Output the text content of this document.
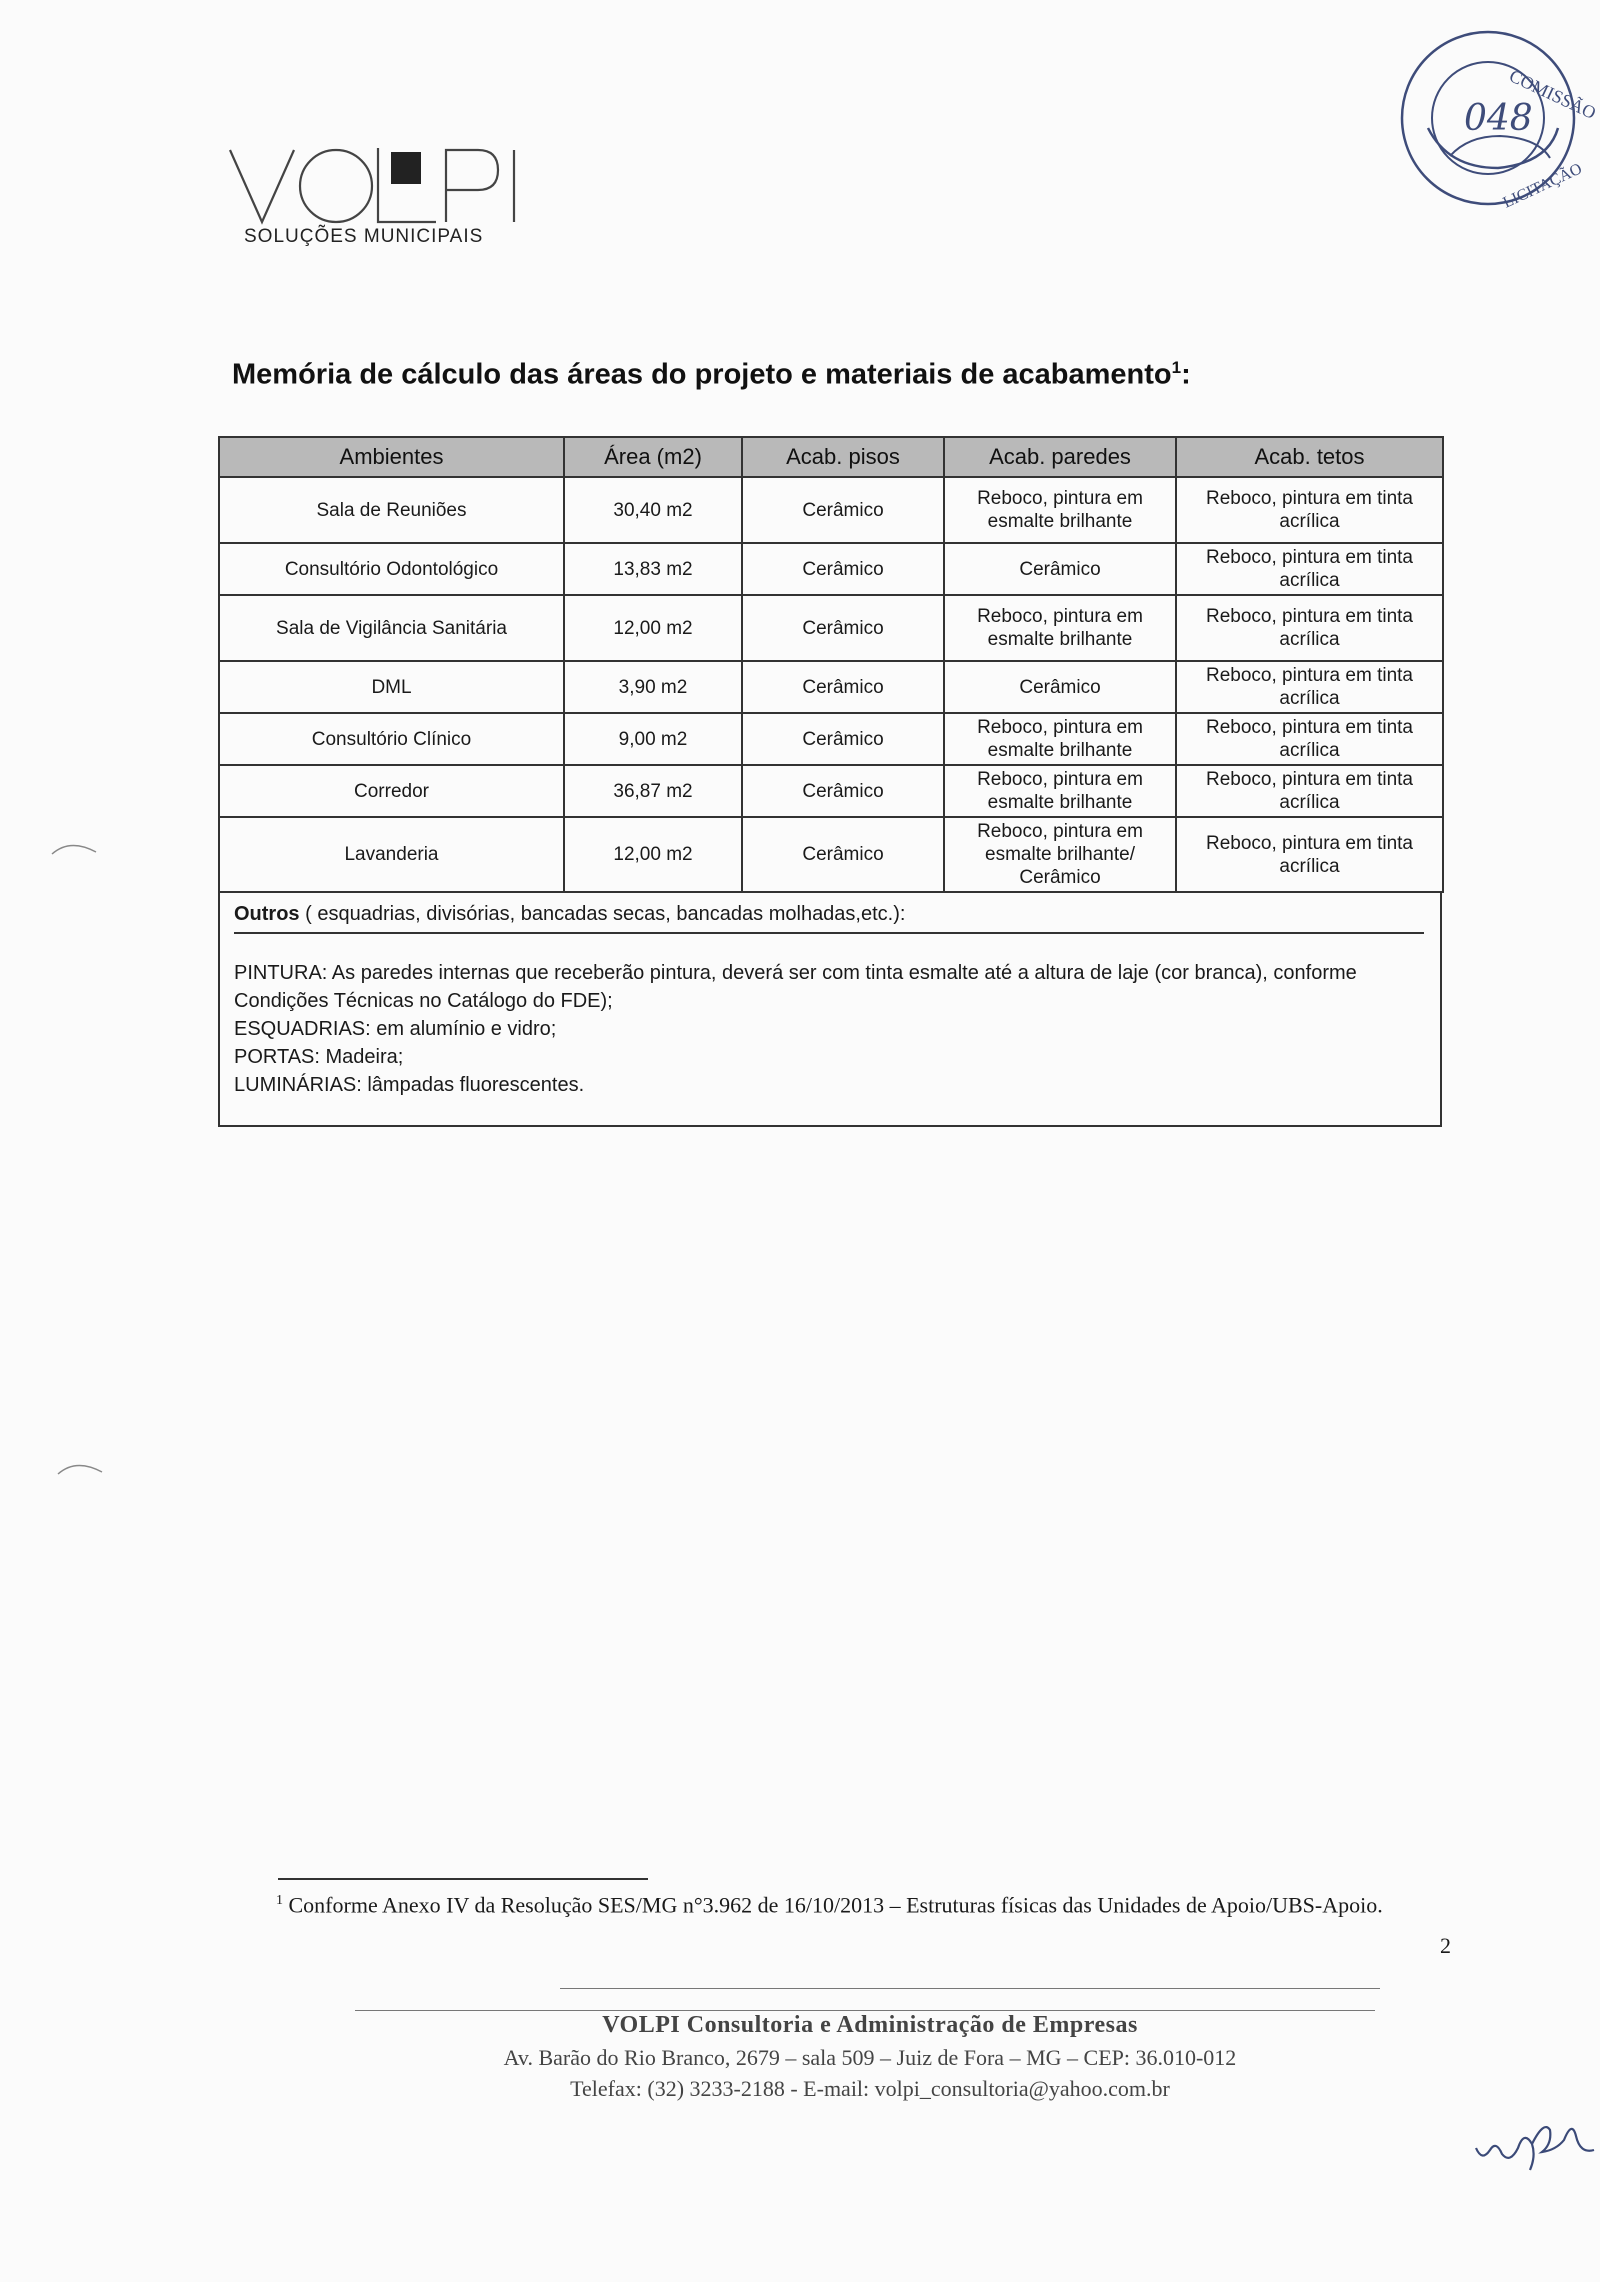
SOLUÇÕES MUNICIPAIS
COMISSÃO
LICITAÇÃO
048
Memória de cálculo das áreas do projeto e materiais de acabamento$^1$:
Ambientes	Área (m2)	Acab. pisos	Acab. paredes	Acab. tetos
Sala de Reuniões	30,40 m2	Cerâmico	Reboco, pintura em esmalte brilhante	Reboco, pintura em tinta acrílica
Consultório Odontológico	13,83 m2	Cerâmico	Cerâmico	Reboco, pintura em tinta acrílica
Sala de Vigilância Sanitária	12,00 m2	Cerâmico	Reboco, pintura em esmalte brilhante	Reboco, pintura em tinta acrílica
DML	3,90 m2	Cerâmico	Cerâmico	Reboco, pintura em tinta acrílica
Consultório Clínico	9,00 m2	Cerâmico	Reboco, pintura em esmalte brilhante	Reboco, pintura em tinta acrílica
Corredor	36,87 m2	Cerâmico	Reboco, pintura em esmalte brilhante	Reboco, pintura em tinta acrílica
Lavanderia	12,00 m2	Cerâmico	Reboco, pintura em esmalte brilhante/ Cerâmico	Reboco, pintura em tinta acrílica
Outros ( esquadrias, divisórias, bancadas secas, bancadas molhadas,etc.):
PINTURA: As paredes internas que receberão pintura, deverá ser com tinta esmalte até a altura de laje (cor branca), conforme
Condições Técnicas no Catálogo do FDE);
ESQUADRIAS: em alumínio e vidro;
PORTAS: Madeira;
LUMINÁRIAS: lâmpadas fluorescentes.
$^1$ Conforme Anexo IV da Resolução SES/MG n°3.962 de 16/10/2013 – Estruturas físicas das Unidades de Apoio/UBS-Apoio.
2
VOLPI Consultoria e Administração de Empresas
Av. Barão do Rio Branco, 2679 – sala 509 – Juiz de Fora – MG – CEP: 36.010-012
Telefax: (32) 3233-2188 - E-mail: volpi_consultoria@yahoo.com.br
